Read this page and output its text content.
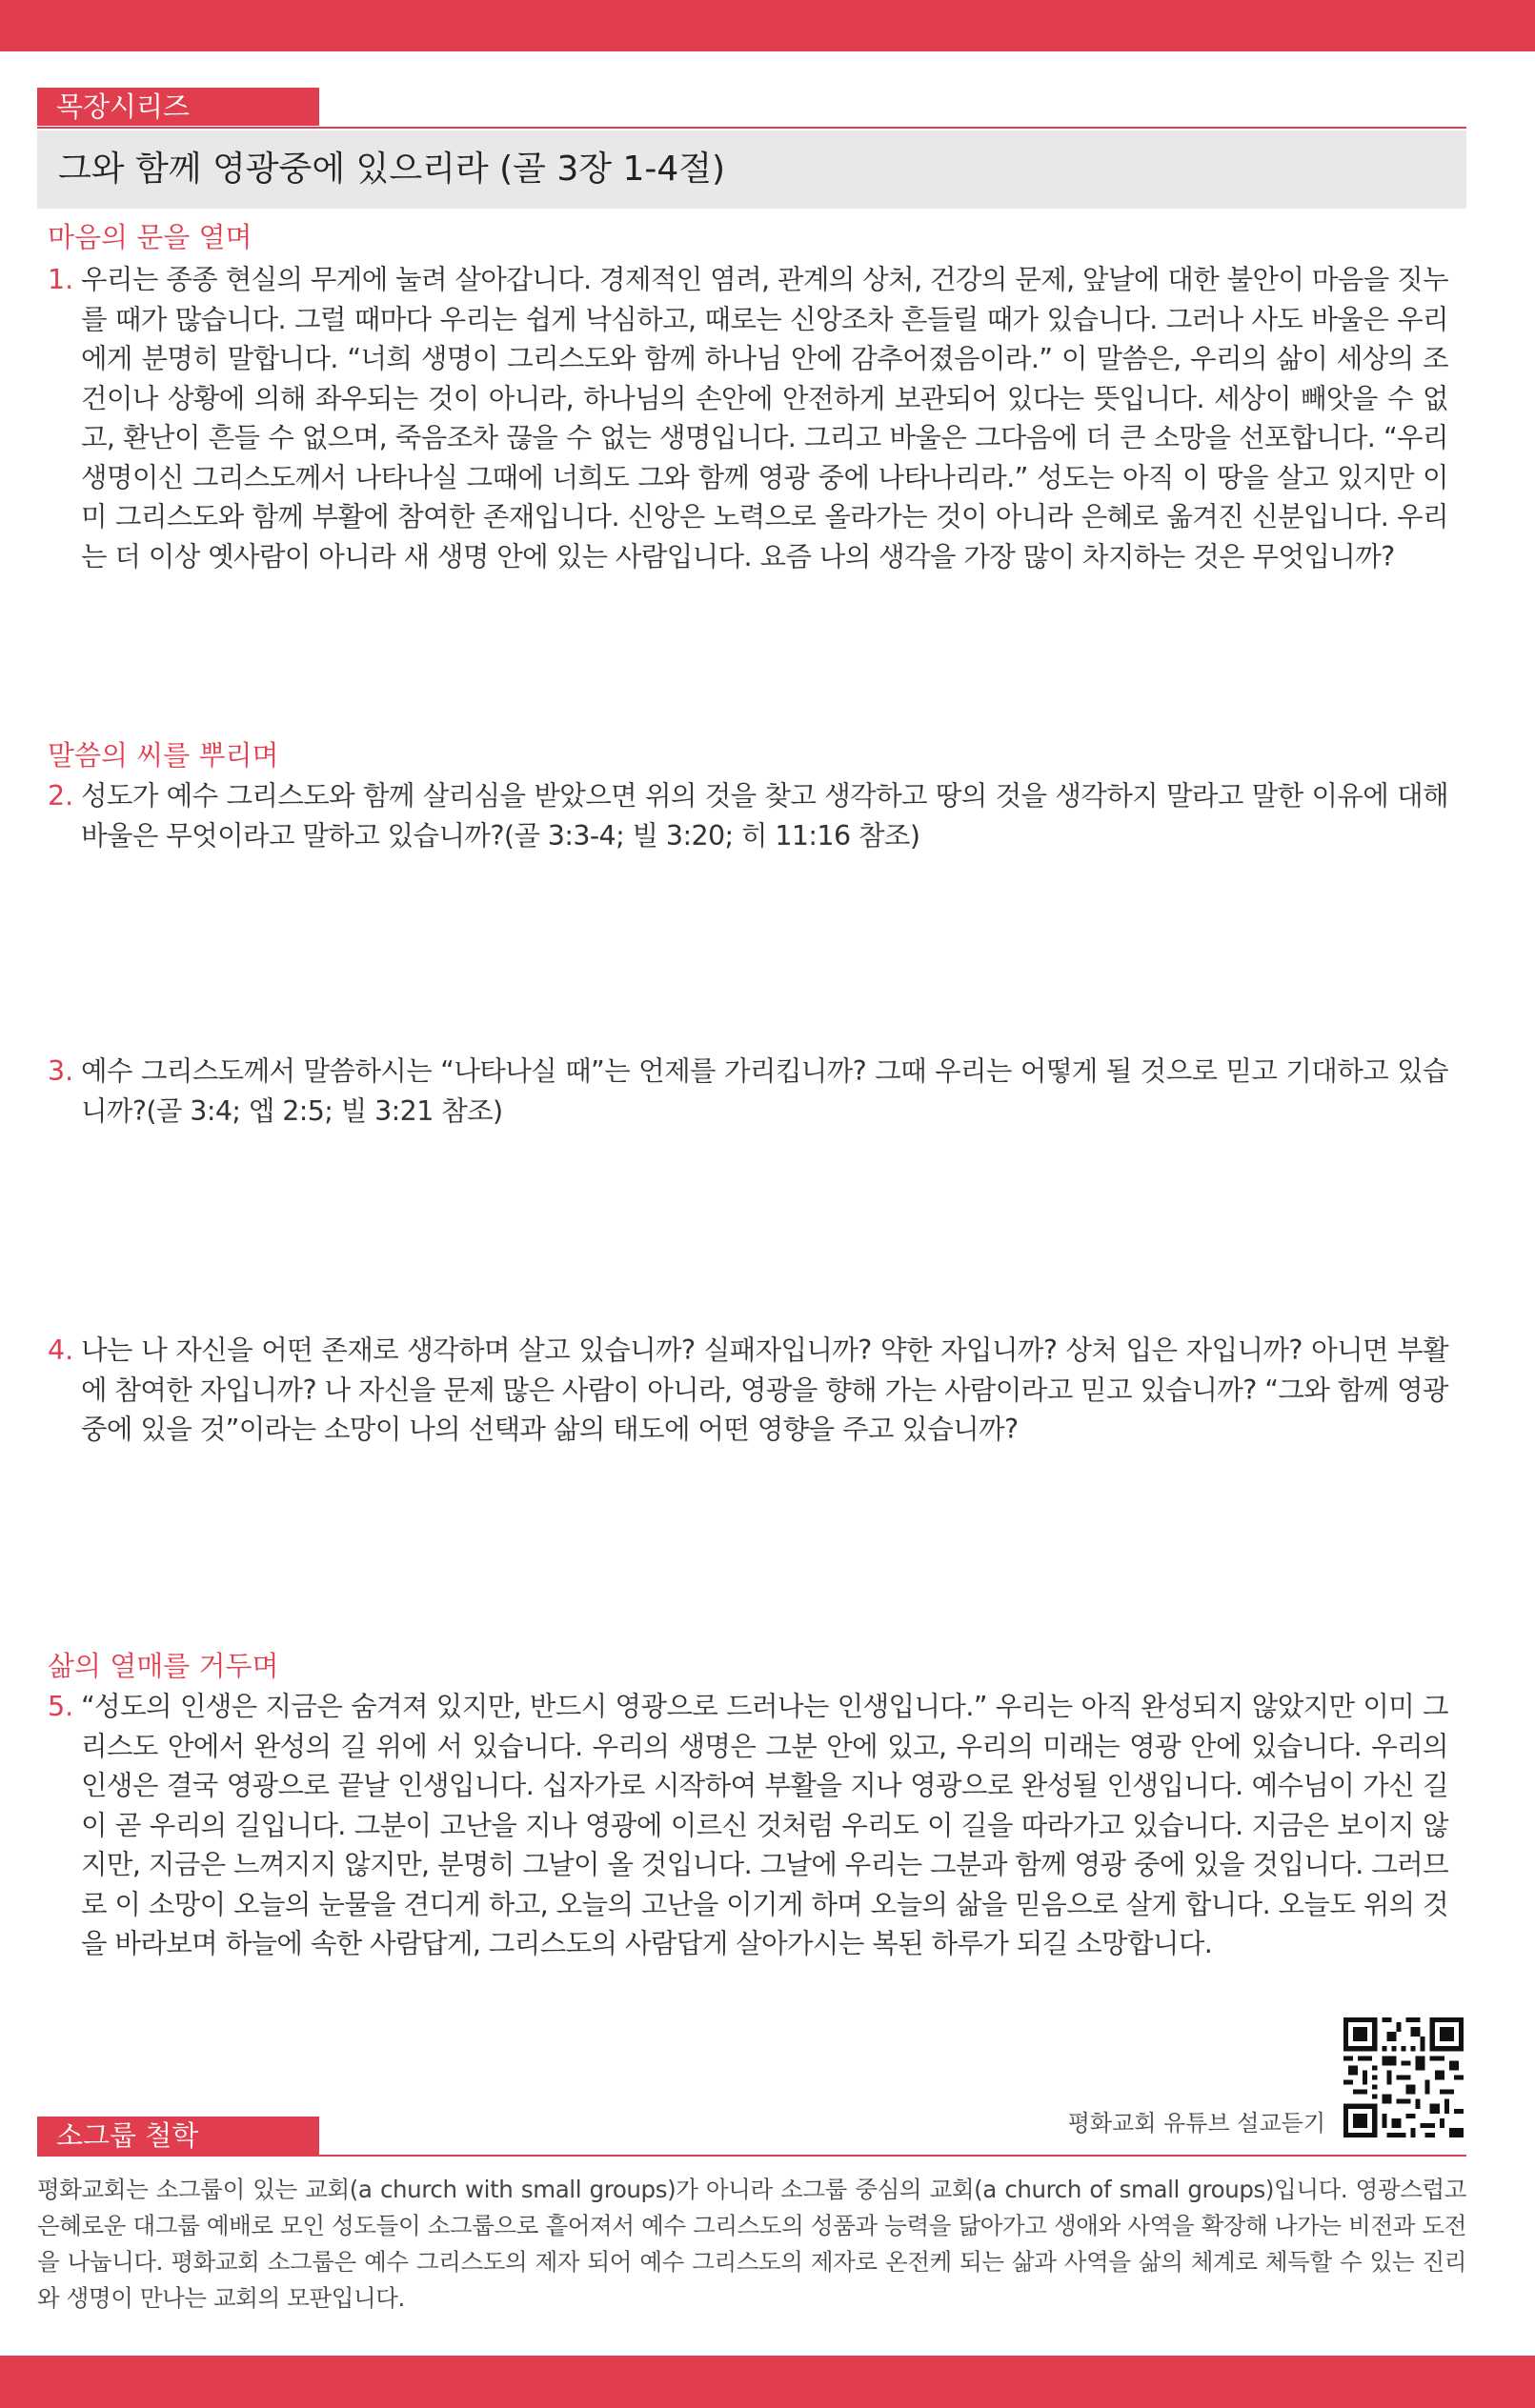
목장시리즈
그와 함께 영광중에 있으리라 (골 3장 1-4절)
마음의 문을 열며
1. 우리는 종종 현실의 무게에 눌려 살아갑니다. 경제적인 염려, 관계의 상처, 건강의 문제, 앞날에 대한 불안이 마음을 짓누를 때가 많습니다. 그럴 때마다 우리는 쉽게 낙심하고, 때로는 신앙조차 흔들릴 때가 있습니다. 그러나 사도 바울은 우리에게 분명히 말합니다. “너희 생명이 그리스도와 함께 하나님 안에 감추어졌음이라.” 이 말씀은, 우리의 삶이 세상의 조건이나 상황에 의해 좌우되는 것이 아니라, 하나님의 손안에 안전하게 보관되어 있다는 뜻입니다. 세상이 빼앗을 수 없고, 환난이 흔들 수 없으며, 죽음조차 끊을 수 없는 생명입니다. 그리고 바울은 그다음에 더 큰 소망을 선포합니다. “우리 생명이신 그리스도께서 나타나실 그때에 너희도 그와 함께 영광 중에 나타나리라.” 성도는 아직 이 땅을 살고 있지만 이미 그리스도와 함께 부활에 참여한 존재입니다. 신앙은 노력으로 올라가는 것이 아니라 은혜로 옮겨진 신분입니다. 우리는 더 이상 옛사람이 아니라 새 생명 안에 있는 사람입니다. 요즘 나의 생각을 가장 많이 차지하는 것은 무엇입니까?
말씀의 씨를 뿌리며
2. 성도가 예수 그리스도와 함께 살리심을 받았으면 위의 것을 찾고 생각하고 땅의 것을 생각하지 말라고 말한 이유에 대해 바울은 무엇이라고 말하고 있습니까?(골 3:3-4; 빌 3:20; 히 11:16 참조)
3. 예수 그리스도께서 말씀하시는 “나타나실 때”는 언제를 가리킵니까? 그때 우리는 어떻게 될 것으로 믿고 기대하고 있습니까?(골 3:4; 엡 2:5; 빌 3:21 참조)
4. 나는 나 자신을 어떤 존재로 생각하며 살고 있습니까? 실패자입니까? 약한 자입니까? 상처 입은 자입니까? 아니면 부활에 참여한 자입니까? 나 자신을 문제 많은 사람이 아니라, 영광을 향해 가는 사람이라고 믿고 있습니까? “그와 함께 영광 중에 있을 것”이라는 소망이 나의 선택과 삶의 태도에 어떤 영향을 주고 있습니까?
삶의 열매를 거두며
5. “성도의 인생은 지금은 숨겨져 있지만, 반드시 영광으로 드러나는 인생입니다.” 우리는 아직 완성되지 않았지만 이미 그리스도 안에서 완성의 길 위에 서 있습니다. 우리의 생명은 그분 안에 있고, 우리의 미래는 영광 안에 있습니다. 우리의 인생은 결국 영광으로 끝날 인생입니다. 십자가로 시작하여 부활을 지나 영광으로 완성될 인생입니다. 예수님이 가신 길이 곧 우리의 길입니다. 그분이 고난을 지나 영광에 이르신 것처럼 우리도 이 길을 따라가고 있습니다. 지금은 보이지 않지만, 지금은 느껴지지 않지만, 분명히 그날이 올 것입니다. 그날에 우리는 그분과 함께 영광 중에 있을 것입니다. 그러므로 이 소망이 오늘의 눈물을 견디게 하고, 오늘의 고난을 이기게 하며 오늘의 삶을 믿음으로 살게 합니다. 오늘도 위의 것을 바라보며 하늘에 속한 사람답게, 그리스도의 사람답게 살아가시는 복된 하루가 되길 소망합니다.
평화교회 유튜브 설교듣기
소그룹 철학
평화교회는 소그룹이 있는 교회(a church with small groups)가 아니라 소그룹 중심의 교회(a church of small groups)입니다. 영광스럽고 은혜로운 대그룹 예배로 모인 성도들이 소그룹으로 흩어져서 예수 그리스도의 성품과 능력을 닮아가고 생애와 사역을 확장해 나가는 비전과 도전을 나눕니다. 평화교회 소그룹은 예수 그리스도의 제자 되어 예수 그리스도의 제자로 온전케 되는 삶과 사역을 삶의 체계로 체득할 수 있는 진리와 생명이 만나는 교회의 모판입니다.
